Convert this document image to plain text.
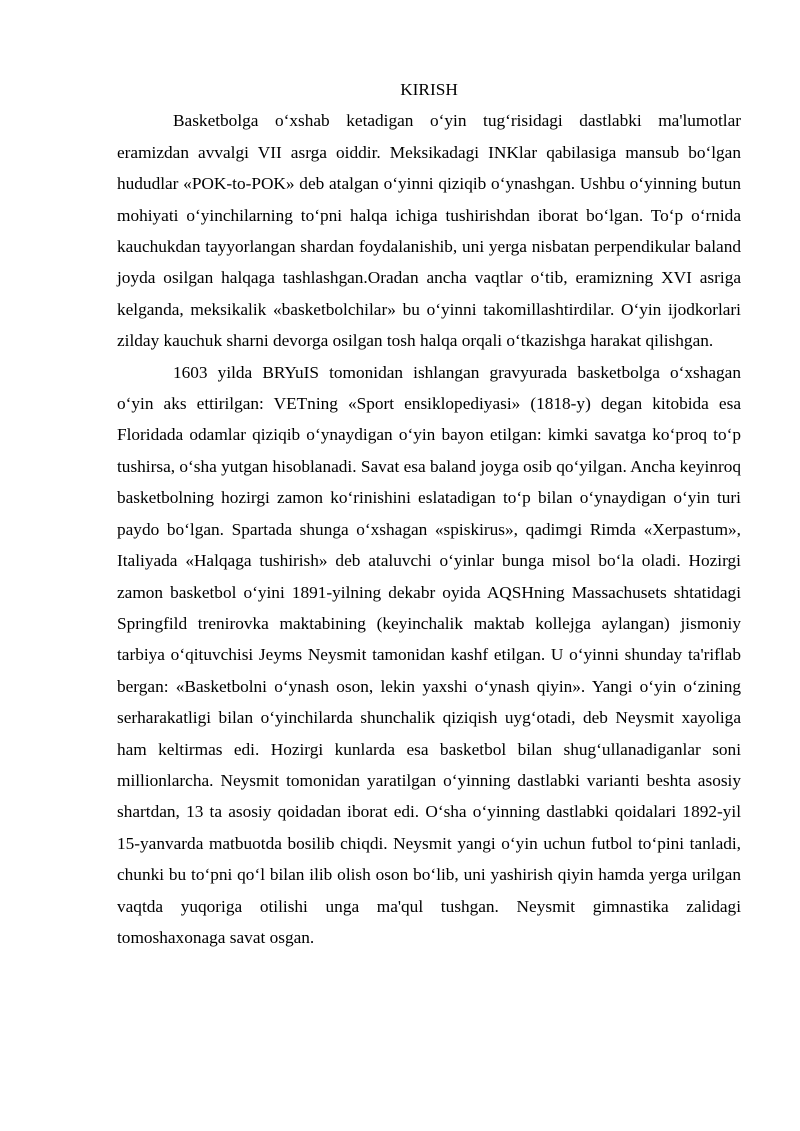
KIRISH

Basketbolga o‘xshab ketadigan o‘yin tug‘risidagi dastlabki ma'lumotlar eramizdan avvalgi VII asrga oiddir. Meksikadagi INKlar qabilasiga mansub bo‘lgan hududlar «POK-to-POK» deb atalgan o‘yinni qiziqib o‘ynashgan. Ushbu o‘yinning butun mohiyati o‘yinchilarning to‘pni halqa ichiga tushirishdan iborat bo‘lgan. To‘p o‘rnida kauchukdan tayyorlangan shardan foydalanishib, uni yerga nisbatan perpendikular baland joyda osilgan halqaga tashlashgan.Oradan ancha vaqtlar o‘tib, eramizning XVI asriga kelganda, meksikalik «basketbolchilar» bu o‘yinni takomillashtirdilar. O‘yin ijodkorlari zilday kauchuk sharni devorga osilgan tosh halqa orqali o‘tkazishga harakat qilishgan.

1603 yilda BRYuIS tomonidan ishlangan gravyurada basketbolga o‘xshagan o‘yin aks ettirilgan: VETning «Sport ensiklopediyasi» (1818-y) degan kitobida esa Floridada odamlar qiziqib o‘ynaydigan o‘yin bayon etilgan: kimki savatga ko‘proq to‘p tushirsa, o‘sha yutgan hisoblanadi. Savat esa baland joyga osib qo‘yilgan. Ancha keyinroq basketbolning hozirgi zamon ko‘rinishini eslatadigan to‘p bilan o‘ynaydigan o‘yin turi paydo bo‘lgan. Spartada shunga o‘xshagan «spiskirus», qadimgi Rimda «Xerpastum», Italiyada «Halqaga tushirish» deb ataluvchi o‘yinlar bunga misol bo‘la oladi. Hozirgi zamon basketbol o‘yini 1891-yilning dekabr oyida AQSHning Massachusets shtatidagi Springfild trenirovka maktabining (keyinchalik maktab kollejga aylangan) jismoniy tarbiya o‘qituvchisi Jeyms Neysmit tamonidan kashf etilgan. U o‘yinni shunday ta'riflab bergan: «Basketbolni o‘ynash oson, lekin yaxshi o‘ynash qiyin». Yangi o‘yin o‘zining serharakatligi bilan o‘yinchilarda shunchalik qiziqish uyg‘otadi, deb Neysmit xayoliga ham keltirmas edi. Hozirgi kunlarda esa basketbol bilan shug‘ullanadiganlar soni millionlarcha. Neysmit tomonidan yaratilgan o‘yinning dastlabki varianti beshta asosiy shartdan, 13 ta asosiy qoidadan iborat edi. O‘sha o‘yinning dastlabki qoidalari 1892-yil 15-yanvarda matbuotda bosilib chiqdi. Neysmit yangi o‘yin uchun futbol to‘pini tanladi, chunki bu to‘pni qo‘l bilan ilib olish oson bo‘lib, uni yashirish qiyin hamda yerga urilgan vaqtda yuqoriga otilishi unga ma'qul tushgan. Neysmit gimnastika zalidagi tomoshaxonaga savat osgan.
